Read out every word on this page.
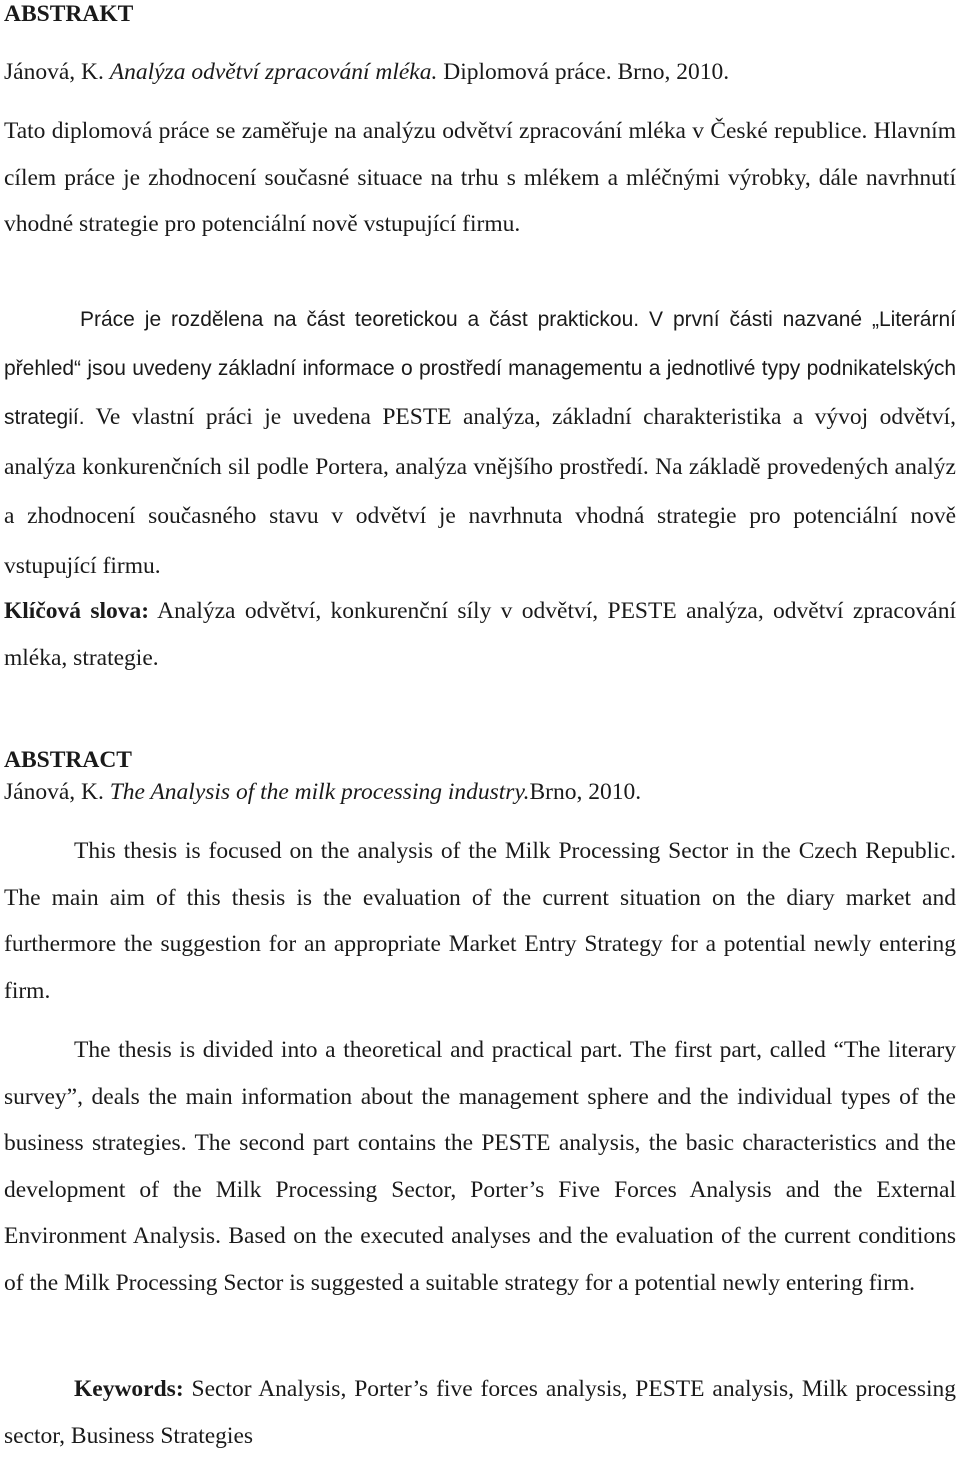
ABSTRAKT

Jánová, K. Analýza odvětví zpracování mléka. Diplomová práce. Brno, 2010.

Tato diplomová práce se zaměřuje na analýzu odvětví zpracování mléka v České republice. Hlavním cílem práce je zhodnocení současné situace na trhu s mlékem a mléčnými výrobky, dále navrhnutí vhodné strategie pro potenciální nově vstupující firmu.

Práce je rozdělena na část teoretickou a část praktickou. V první části nazvané „Literární přehled“ jsou uvedeny základní informace o prostředí managementu a jednotlivé typy podnikatelských strategií. Ve vlastní práci je uvedena PESTE analýza, základní charakteristika a vývoj odvětví, analýza konkurenčních sil podle Portera, analýza vnějšího prostředí. Na základě provedených analýz a zhodnocení současného stavu v odvětví je navrhnuta vhodná strategie pro potenciální nově vstupující firmu.

Klíčová slova: Analýza odvětví, konkurenční síly v odvětví, PESTE analýza, odvětví zpracování mléka, strategie.

ABSTRACT

Jánová, K. The Analysis of the milk processing industry.Brno, 2010.

This thesis is focused on the analysis of the Milk Processing Sector in the Czech Republic. The main aim of this thesis is the evaluation of the current situation on the diary market and furthermore the suggestion for an appropriate Market Entry Strategy for a potential newly entering firm.

The thesis is divided into a theoretical and practical part. The first part, called “The literary survey”, deals the main information about the management sphere and the individual types of the business strategies. The second part contains the PESTE analysis, the basic characteristics and the development of the Milk Processing Sector, Porter’s Five Forces Analysis and the External Environment Analysis. Based on the executed analyses and the evaluation of the current conditions of the Milk Processing Sector is suggested a suitable strategy for a potential newly entering firm.

Keywords: Sector Analysis, Porter’s five forces analysis, PESTE analysis, Milk processing sector, Business Strategies
